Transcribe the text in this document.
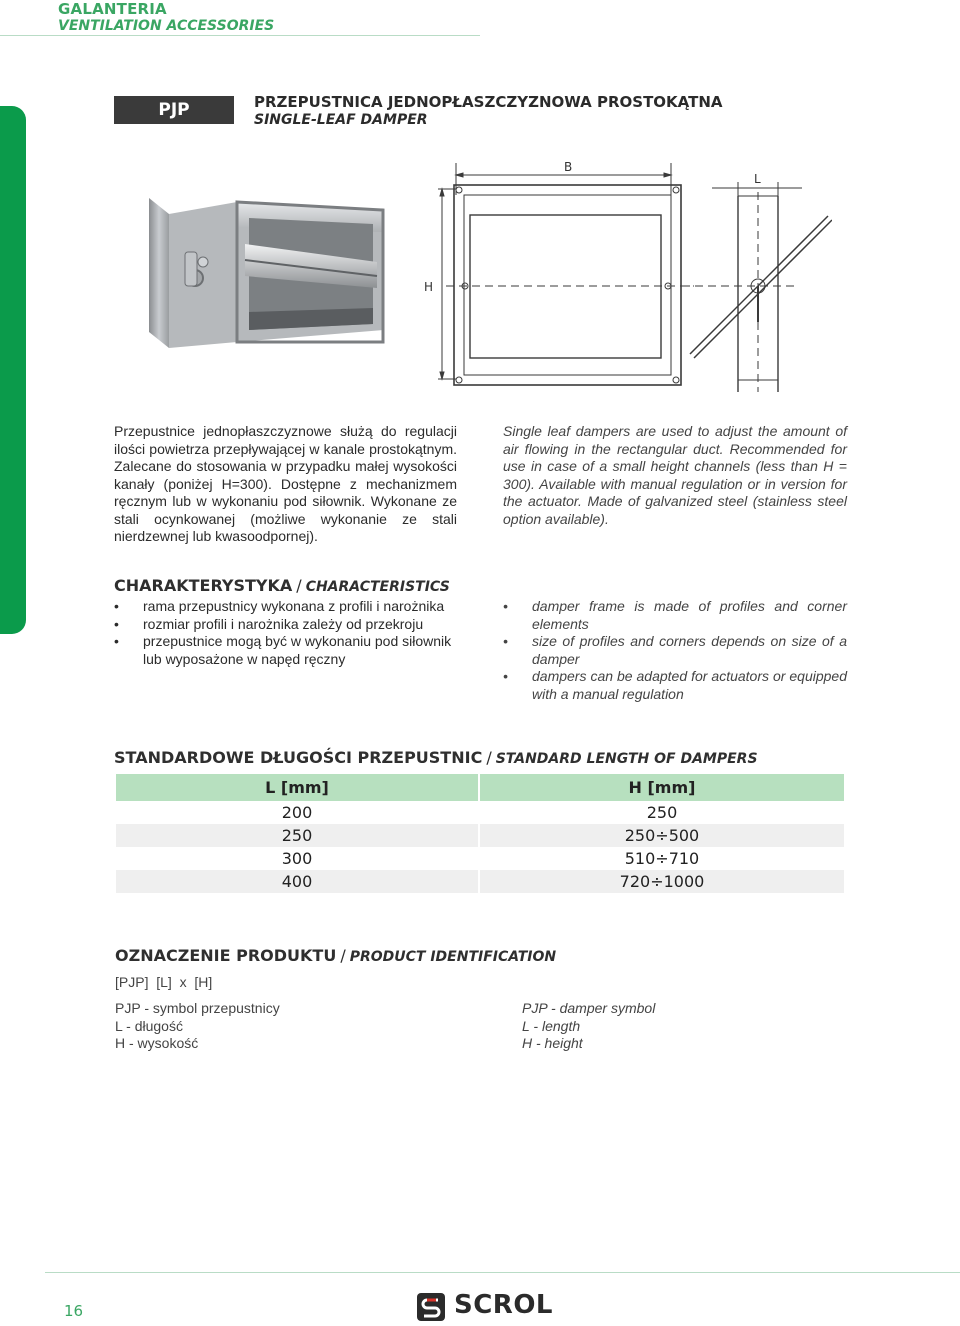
GALANTERIA
VENTILATION ACCESSORIES
PJP	PRZEPUSTNICA JEDNOPŁASZCZYZNOWA PROSTOKĄTNA
SINGLE-LEAF DAMPER
B
H
L
Przepustnice jednopłaszczyznowe służą do regulacji ilości powietrza przepływającej w kanale prostokątnym. Zalecane do stosowania w przypadku małej wysokości kanały (poniżej H=300). Dostępne z mechanizmem ręcznym lub w wykonaniu pod siłownik. Wykonane ze stali ocynkowanej (możliwe wykonanie ze stali nierdzewnej lub kwasoodpornej).
Single leaf dampers are used to adjust the amount of air flowing in the rectangular duct. Recommended for use in case of a small height channels (less than H = 300). Available with manual regulation or in version for the actuator. Made of galvanized steel (stainless steel option available).
CHARAKTERYSTYKA / CHARACTERISTICS
• rama przepustnicy wykonana z profili i narożnika
• rozmiar profili i narożnika zależy od przekroju
• przepustnice mogą być w wykonaniu pod siłownik lub wyposażone w napęd ręczny
• damper frame is made of profiles and corner elements
• size of profiles and corners depends on size of a damper
• dampers can be adapted for actuators or equipped with a manual regulation
STANDARDOWE DŁUGOŚCI PRZEPUSTNIC / STANDARD LENGTH OF DAMPERS
L [mm]	H [mm]
200	250
250	250÷500
300	510÷710
400	720÷1000
OZNACZENIE PRODUKTU / PRODUCT IDENTIFICATION
[PJP]  [L]  x  [H]
PJP - symbol przepustnicy
L - długość
H - wysokość
PJP - damper symbol
L - length
H - height
16	SCROL
